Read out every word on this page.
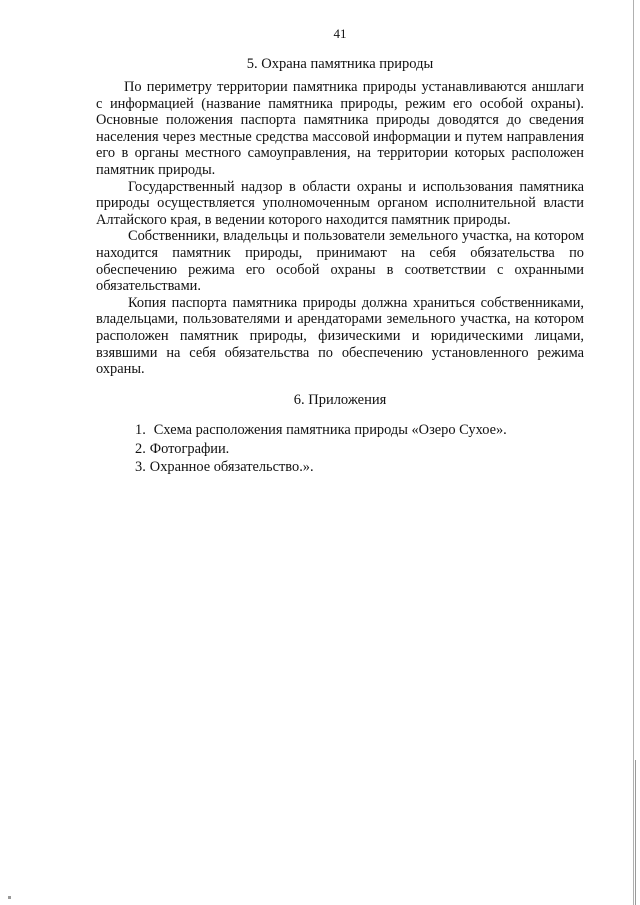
41
5. Охрана памятника природы

По периметру территории памятника природы устанавливаются аншлаги с информацией (название памятника природы, режим его особой охраны). Основные положения паспорта памятника природы доводятся до сведения населения через местные средства массовой информации и путем направления его в органы местного самоуправления, на территории которых расположен памятник природы.

Государственный надзор в области охраны и использования памятника природы осуществляется уполномоченным органом исполнительной власти Алтайского края, в ведении которого находится памятник природы.

Собственники, владельцы и пользователи земельного участка, на котором находится памятник природы, принимают на себя обязательства по обеспечению режима его особой охраны в соответствии с охранными обязательствами.

Копия паспорта памятника природы должна храниться собственниками, владельцами, пользователями и арендаторами земельного участка, на котором расположен памятник природы, физическими и юридическими лицами, взявшими на себя обязательства по обеспечению установленного режима охраны.

6. Приложения
1. Схема расположения памятника природы «Озеро Сухое».
2. Фотографии.
3. Охранное обязательство.».
